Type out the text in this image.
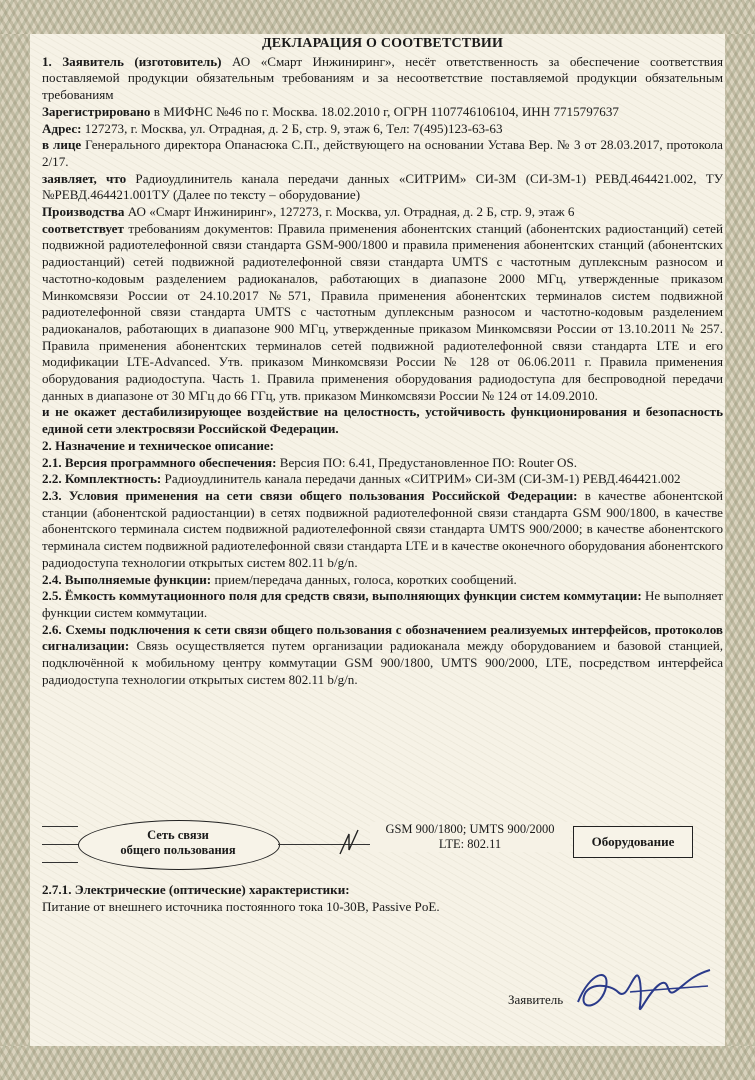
ДЕКЛАРАЦИЯ О СООТВЕТСТВИИ

1. Заявитель (изготовитель) АО «Смарт Инжиниринг», несёт ответственность за обеспечение соответствия поставляемой продукции обязательным требованиям и за несоответствие поставляемой продукции обязательным требованиям

Зарегистрировано в МИФНС №46 по г. Москва. 18.02.2010 г, ОГРН 1107746106104, ИНН 7715797637

Адрес: 127273, г. Москва, ул. Отрадная, д. 2 Б, стр. 9, этаж 6, Тел: 7(495)123-63-63

в лице Генерального директора Опанасюка С.П., действующего на основании Устава Вер. № 3 от 28.03.2017, протокола 2/17.

заявляет, что Радиоудлинитель канала передачи данных «СИТРИМ» СИ-3М (СИ-3М-1) РЕВД.464421.002, ТУ №РЕВД.464421.001ТУ (Далее по тексту – оборудование)

Производства АО «Смарт Инжиниринг», 127273, г. Москва, ул. Отрадная, д. 2 Б, стр. 9, этаж 6

соответствует требованиям документов: Правила применения абонентских станций (абонентских радиостанций) сетей подвижной радиотелефонной связи стандарта GSM-900/1800 и правила применения абонентских станций (абонентских радиостанций) сетей подвижной радиотелефонной связи стандарта UMTS с частотным дуплексным разносом и частотно-кодовым разделением радиоканалов, работающих в диапазоне 2000 МГц, утвержденные приказом Минкомсвязи России от 24.10.2017 №571, Правила применения абонентских терминалов систем подвижной радиотелефонной связи стандарта UMTS с частотным дуплексным разносом и частотно-кодовым разделением радиоканалов, работающих в диапазоне 900 МГц, утвержденные приказом Минкомсвязи России от 13.10.2011 № 257. Правила применения абонентских терминалов сетей подвижной радиотелефонной связи стандарта LTE и его модификации LTE-Advanced. Утв. приказом Минкомсвязи России № 128 от 06.06.2011 г. Правила применения оборудования радиодоступа. Часть 1. Правила применения оборудования радиодоступа для беспроводной передачи данных в диапазоне от 30 МГц до 66 ГГц, утв. приказом Минкомсвязи России № 124 от 14.09.2010.

и не окажет дестабилизирующее воздействие на целостность, устойчивость функционирования и безопасность единой сети электросвязи Российской Федерации.

2. Назначение и техническое описание:

2.1. Версия программного обеспечения: Версия ПО: 6.41, Предустановленное ПО: Router OS.

2.2. Комплектность: Радиоудлинитель канала передачи данных «СИТРИМ» СИ-3М (СИ-3М-1) РЕВД.464421.002

2.3. Условия применения на сети связи общего пользования Российской Федерации: в качестве абонентской станции (абонентской радиостанции) в сетях подвижной радиотелефонной связи стандарта GSM 900/1800, в качестве абонентского терминала систем подвижной радиотелефонной связи стандарта UMTS 900/2000; в качестве абонентского терминала систем подвижной радиотелефонной связи стандарта LTE и в качестве оконечного оборудования абонентского радиодоступа технологии открытых систем 802.11 b/g/n.

2.4. Выполняемые функции: прием/передача данных, голоса, коротких сообщений.

2.5. Ёмкость коммутационного поля для средств связи, выполняющих функции систем коммутации: Не выполняет функции систем коммутации.

2.6. Схемы подключения к сети связи общего пользования с обозначением реализуемых интерфейсов, протоколов сигнализации: Связь осуществляется путем организации радиоканала между оборудованием и базовой станцией, подключённой к мобильному центру коммутации GSM 900/1800, UMTS 900/2000, LTE, посредством интерфейса радиодоступа технологии открытых систем 802.11 b/g/n.

Сеть связи
общего пользования
GSM 900/1800; UMTS 900/2000
LTE: 802.11	Оборудование

2.7.1. Электрические (оптические) характеристики:

Питание от внешнего источника постоянного тока 10-30В, Passive PoE.

Заявитель
